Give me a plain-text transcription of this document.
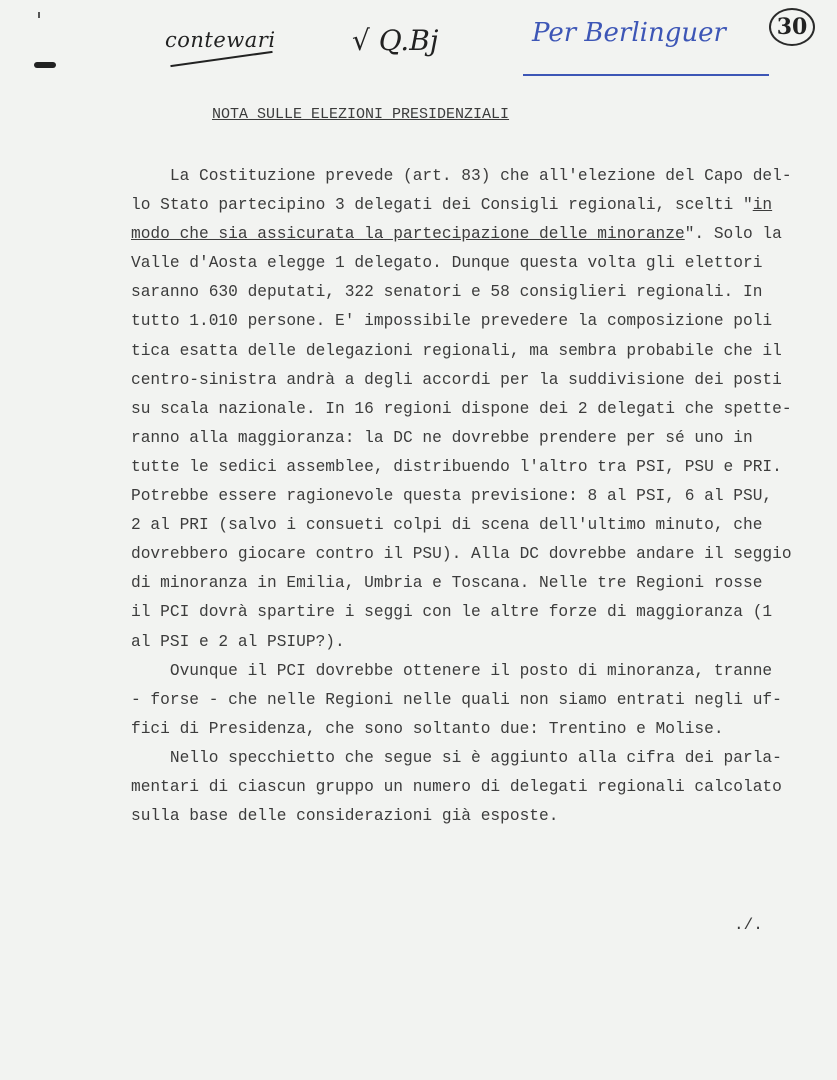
contewari	√ Q.Bj	Per Berlinguer	30
NOTA SULLE ELEZIONI PRESIDENZIALI
La Costituzione prevede (art. 83) che all'elezione del Capo del-
lo Stato partecipino 3 delegati dei Consigli regionali, scelti "in
modo che sia assicurata la partecipazione delle minoranze". Solo la
Valle d'Aosta elegge 1 delegato. Dunque questa volta gli elettori
saranno 630 deputati, 322 senatori e 58 consiglieri regionali. In
tutto 1.010 persone. E' impossibile prevedere la composizione poli
tica esatta delle delegazioni regionali, ma sembra probabile che il
centro-sinistra andrà a degli accordi per la suddivisione dei posti
su scala nazionale. In 16 regioni dispone dei 2 delegati che spette-
ranno alla maggioranza: la DC ne dovrebbe prendere per sé uno in
tutte le sedici assemblee, distribuendo l'altro tra PSI, PSU e PRI.
Potrebbe essere ragionevole questa previsione: 8 al PSI, 6 al PSU,
2 al PRI (salvo i consueti colpi di scena dell'ultimo minuto, che
dovrebbero giocare contro il PSU). Alla DC dovrebbe andare il seggio
di minoranza in Emilia, Umbria e Toscana. Nelle tre Regioni rosse
il PCI dovrà spartire i seggi con le altre forze di maggioranza (1
al PSI e 2 al PSIUP?).
Ovunque il PCI dovrebbe ottenere il posto di minoranza, tranne
- forse - che nelle Regioni nelle quali non siamo entrati negli uf-
fici di Presidenza, che sono soltanto due: Trentino e Molise.
Nello specchietto che segue si è aggiunto alla cifra dei parla-
mentari di ciascun gruppo un numero di delegati regionali calcolato
sulla base delle considerazioni già esposte.
./.
